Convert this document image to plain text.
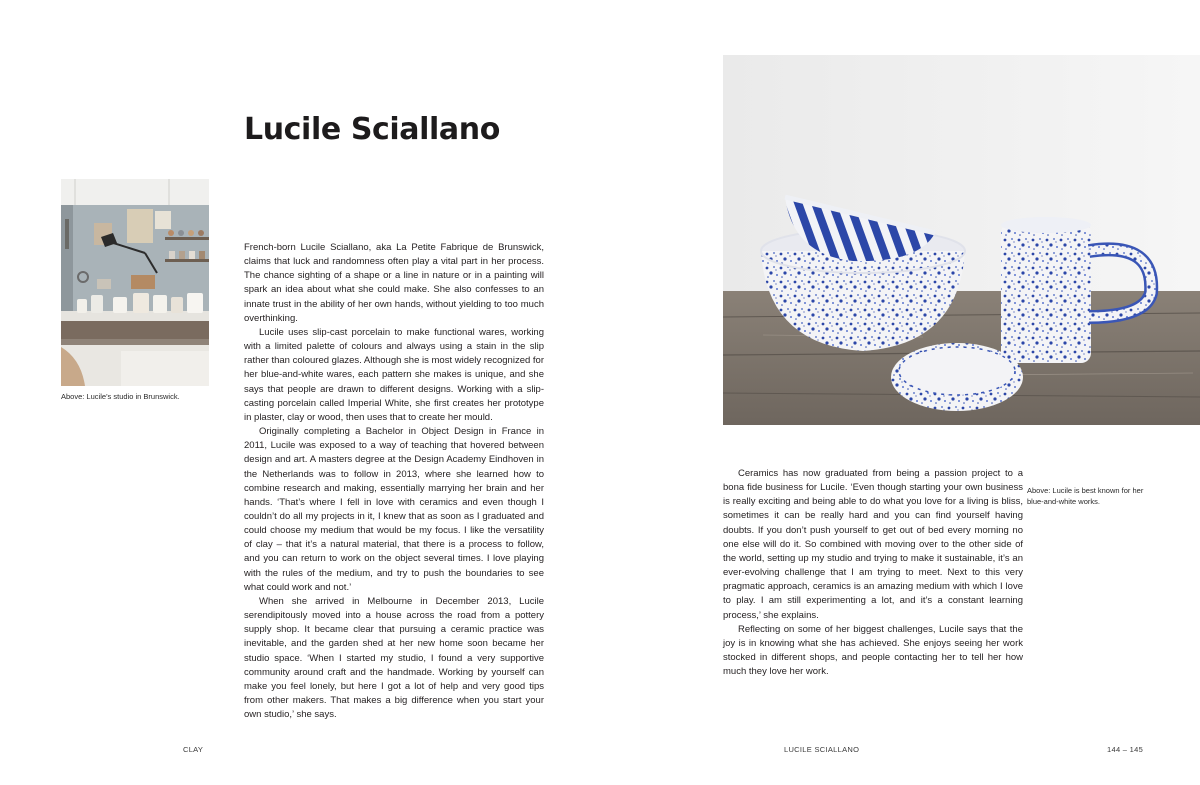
Lucile Sciallano
Above: Lucile’s studio in Brunswick.

French-born Lucile Sciallano, aka La Petite Fabrique de Brunswick, claims that luck and randomness often play a vital part in her process. The chance sighting of a shape or a line in nature or in a painting will spark an idea about what she could make. She also confesses to an innate trust in the ability of her own hands, without yielding to too much overthinking.

Lucile uses slip-cast porcelain to make functional wares, working with a limited palette of colours and always using a stain in the slip rather than coloured glazes. Although she is most widely recognized for her blue-and-white wares, each pattern she makes is unique, and she says that people are drawn to different designs. Working with a slip-casting porcelain called Imperial White, she first creates her prototype in plaster, clay or wood, then uses that to create her mould.

Originally completing a Bachelor in Object Design in France in 2011, Lucile was exposed to a way of teaching that hovered between design and art. A masters degree at the Design Academy Eindhoven in the Netherlands was to follow in 2013, where she learned how to combine research and making, essentially marrying her brain and her hands. ‘That’s where I fell in love with ceramics and even though I couldn’t do all my projects in it, I knew that as soon as I graduated and could choose my medium that would be my focus. I like the versatility of clay – that it’s a natural material, that there is a process to follow, and you can return to work on the object several times. I love playing with the rules of the medium, and try to push the boundaries to see what could work and not.’

When she arrived in Melbourne in December 2013, Lucile serendipitously moved into a house across the road from a pottery supply shop. It became clear that pursuing a ceramic practice was inevitable, and the garden shed at her new home soon became her studio space. ‘When I started my studio, I found a very supportive community around craft and the handmade. Working by yourself can make you feel lonely, but here I got a lot of help and very good tips from other makers. That makes a big difference when you start your own studio,’ she says.

Above: Lucile is best known for her blue-and-white works.

Ceramics has now graduated from being a passion project to a bona fide business for Lucile. ‘Even though starting your own business is really exciting and being able to do what you love for a living is bliss, sometimes it can be really hard and you can find yourself having doubts. If you don’t push yourself to get out of bed every morning no one else will do it. So combined with moving over to the other side of the world, setting up my studio and trying to make it sustainable, it’s an ever-evolving challenge that I am trying to meet. Next to this very pragmatic approach, ceramics is an amazing medium with which I love to play. I am still experimenting a lot, and it’s a constant learning process,’ she explains.

Reflecting on some of her biggest challenges, Lucile says that the joy is in knowing what she has achieved. She enjoys seeing her work stocked in different shops, and people contacting her to tell her how much they love her work.

CLAY	LUCILE SCIALLANO	144 – 145
